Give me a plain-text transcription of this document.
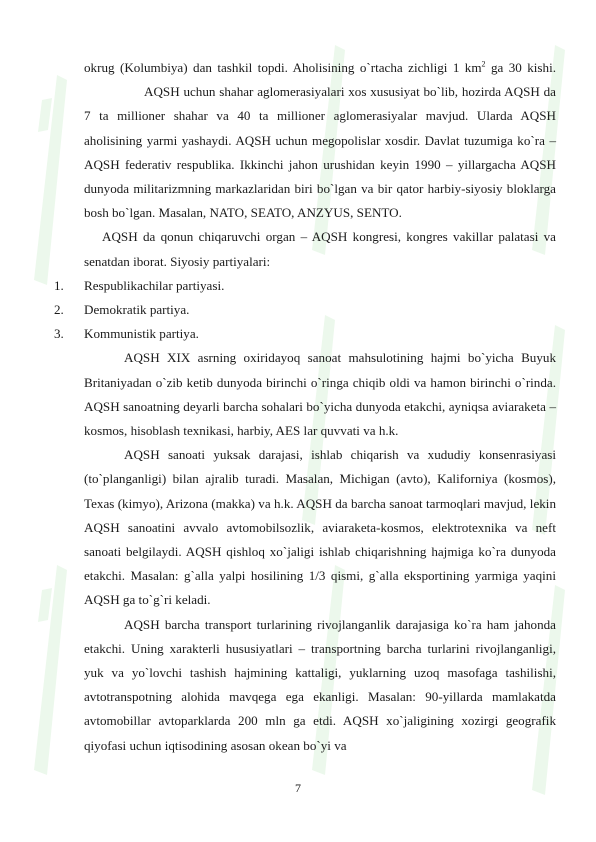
okrug (Kolumbiya) dan tashkil topdi. Aholisining o`rtacha zichligi 1 $km^2$ ga 30 kishi.AQSH uchun shahar aglomerasiyalari xos xususiyat bo`lib, hozirda AQSH da 7 ta millioner shahar va 40 ta millioner aglomerasiyalar mavjud. Ularda AQSH aholisining yarmi yashaydi. AQSH uchun megopolislar xosdir. Davlat tuzumiga ko`ra – AQSH federativ respublika. Ikkinchi jahon urushidan keyin 1990 – yillargacha AQSH dunyoda militarizmning markazlaridan biri bo`lgan va bir qator harbiy-siyosiy bloklarga bosh bo`lgan. Masalan, NATO, SEATO, ANZYUS, SENTO.

AQSH da qonun chiqaruvchi organ – AQSH kongresi, kongres vakillar palatasi va senatdan iborat. Siyosiy partiyalari:

1. Respublikachilar partiyasi.
2. Demokratik partiya.
3. Kommunistik partiya.

AQSH XIX asrning oxiridayoq sanoat mahsulotining hajmi bo`yicha Buyuk Britaniyadan o`zib ketib dunyoda birinchi o`ringa chiqib oldi va hamon birinchi o`rinda. AQSH sanoatning deyarli barcha sohalari bo`yicha dunyoda etakchi, ayniqsa aviaraketa – kosmos, hisoblash texnikasi, harbiy, AES lar quvvati va h.k.

AQSH sanoati yuksak darajasi, ishlab chiqarish va xududiy konsenrasiyasi (to`planganligi) bilan ajralib turadi. Masalan, Michigan (avto), Kaliforniya (kosmos), Texas (kimyo), Arizona (makka) va h.k. AQSH da barcha sanoat tarmoqlari mavjud, lekin AQSH sanoatini avvalo avtomobilsozlik, aviaraketa-kosmos, elektrotexnika va neft sanoati belgilaydi. AQSH qishloq xo`jaligi ishlab chiqarishning hajmiga ko`ra dunyoda etakchi. Masalan: g`alla yalpi hosilining 1/3 qismi, g`alla eksportining yarmiga yaqini AQSH ga to`g`ri keladi.

AQSH barcha transport turlarining rivojlanganlik darajasiga ko`ra ham jahonda etakchi. Uning xarakterli hususiyatlari – transportning barcha turlarini rivojlanganligi, yuk va yo`lovchi tashish hajmining kattaligi, yuklarning uzoq masofaga tashilishi, avtotranspotning alohida mavqega ega ekanligi. Masalan: 90-yillarda mamlakatda avtomobillar avtoparklarda 200 mln ga etdi. AQSH xo`jaligining xozirgi geografik qiyofasi uchun iqtisodining asosan okean bo`yi va

7
